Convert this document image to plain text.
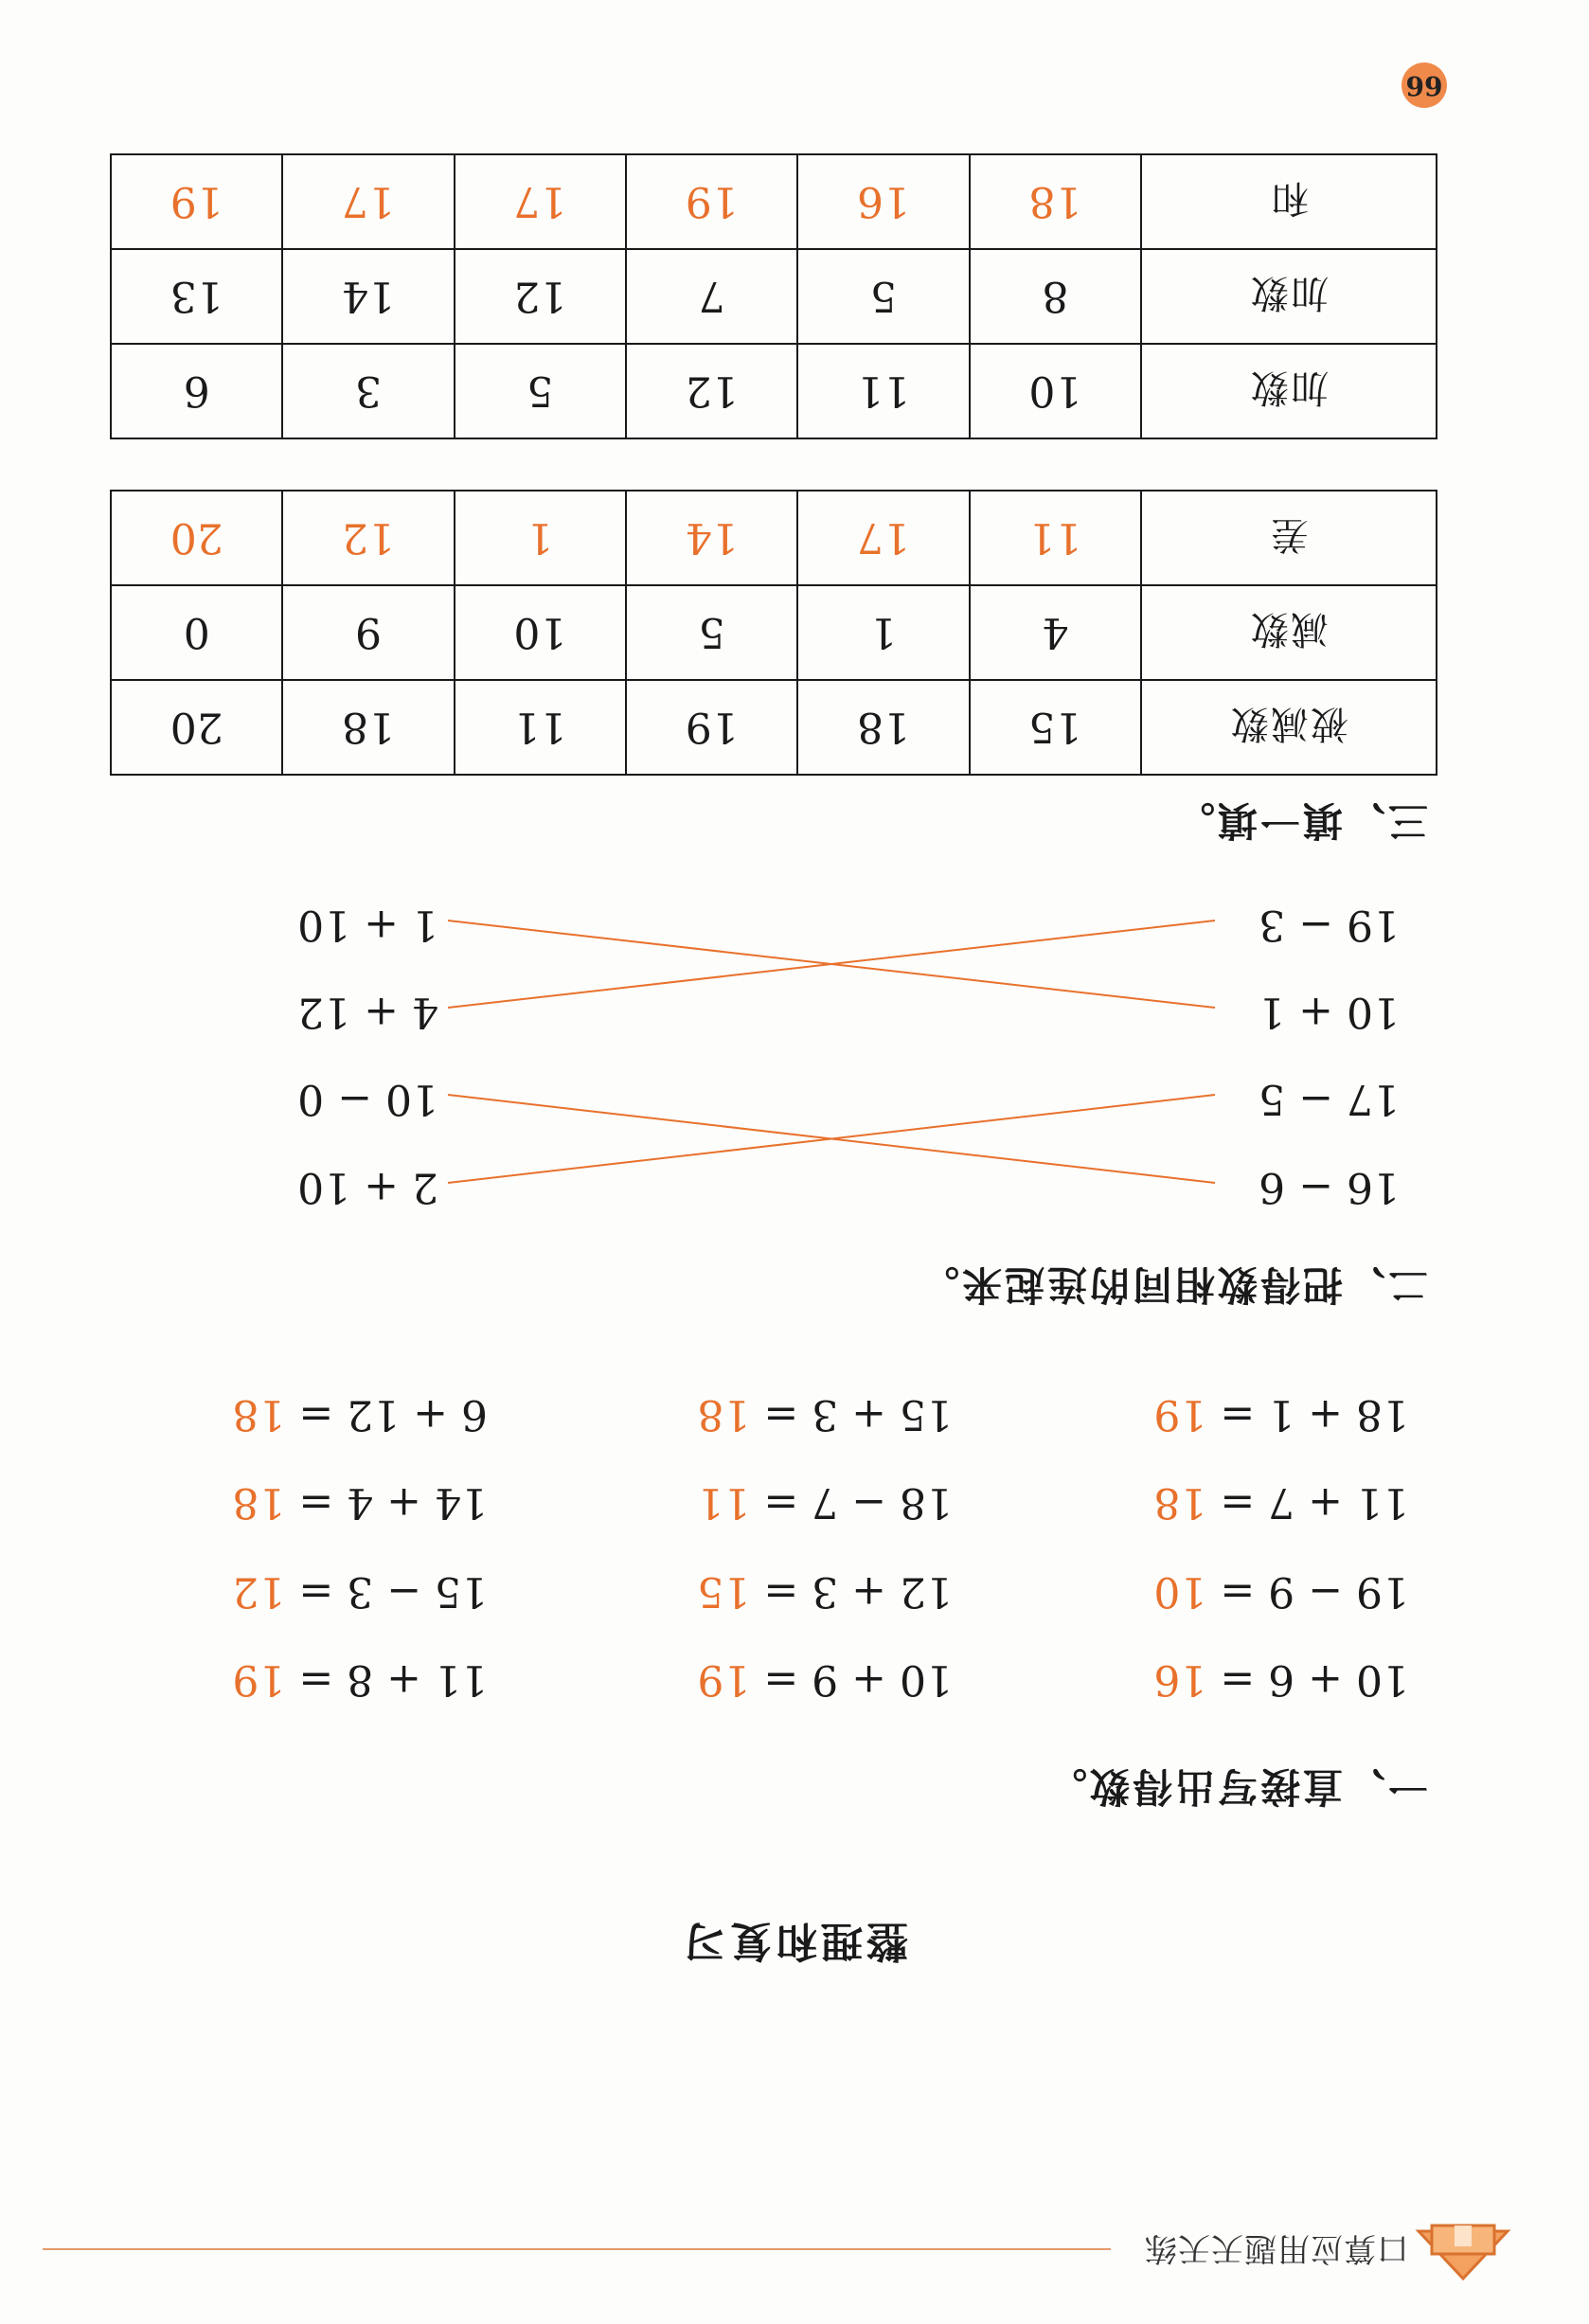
口算应用题天天练
整理和复习
一、直接写出得数。
10 + 6 = 16
10 + 9 = 19
11 + 8 = 19
19 − 9 = 10
12 + 3 = 15
15 − 3 = 12
11 + 7 = 18
18 − 7 = 11
14 + 4 = 18
18 + 1 = 19
15 + 3 = 18
6 + 12 = 18
二、把得数相同的连起来。
16 − 6
17 − 5
10 + 1
19 − 3
2 + 10
10 − 0
4 + 12
1 + 10
三、填一填。
被减数	15	18	19	11	18	20
减数	4	1	5	10	9	0
差	11	17	14	1	12	20
加数	10	11	12	5	3	6
加数	8	5	7	12	14	13
和	18	16	19	17	17	19
66
